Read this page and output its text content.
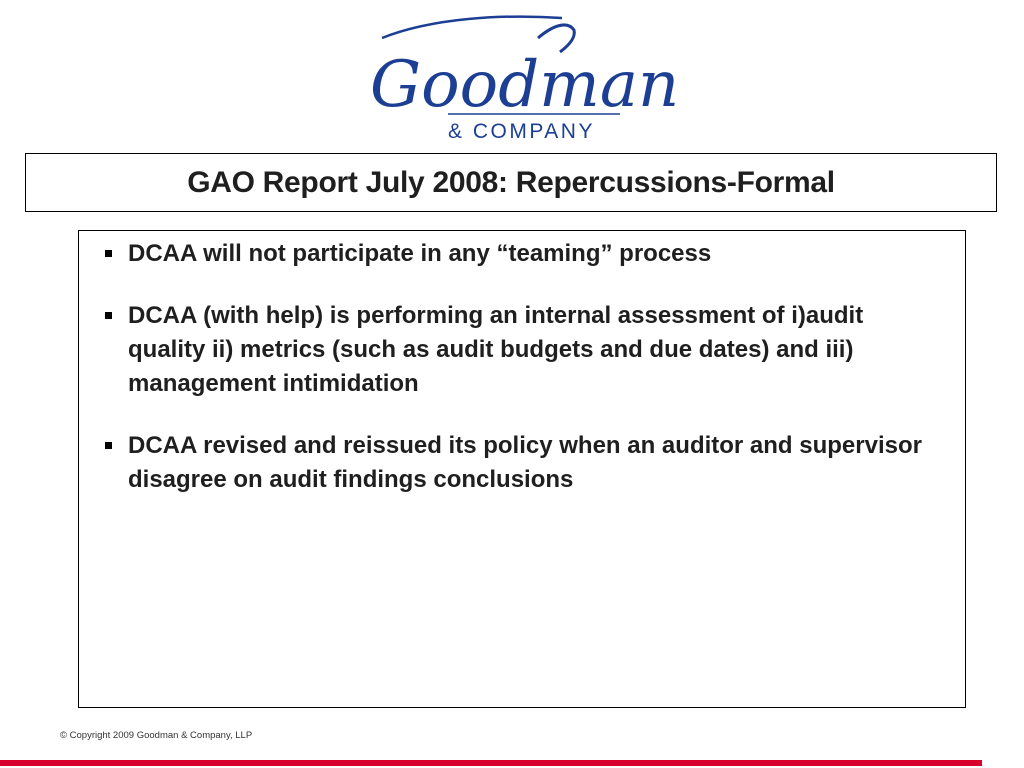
Goodman
& COMPANY
GAO Report July 2008: Repercussions-Formal
DCAA will not participate in any “teaming” process
DCAA (with help) is performing an internal assessment of i)audit quality ii) metrics (such as audit budgets and due dates) and iii) management intimidation
DCAA revised and reissued its policy when an auditor and supervisor disagree on audit findings conclusions
© Copyright 2009 Goodman & Company, LLP
